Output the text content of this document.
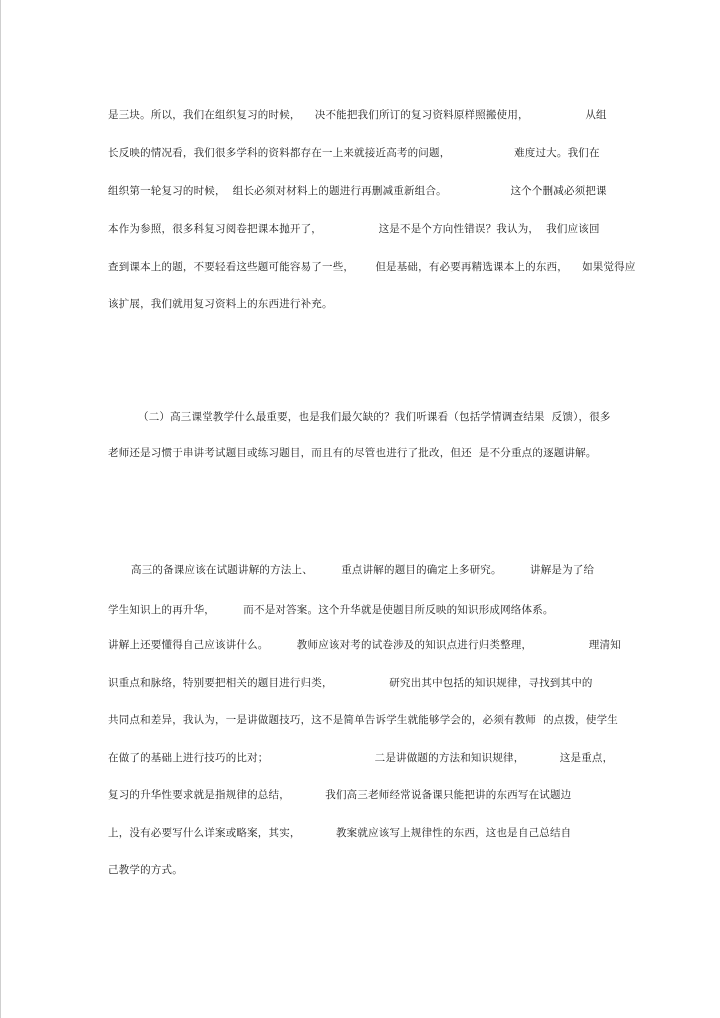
是三块。所以，我们在组织复习的时候，    决不能把我们所订的复习资料原样照搬使用，                从组
长反映的情况看，我们很多学科的资料都存在一上来就接近高考的问题，                  难度过大。我们在
组织第一轮复习的时候，  组长必须对材料上的题进行再删减重新组合。                  这个个删减必须把课
本作为参照，很多科复习阅卷把课本抛开了，                这是不是个方向性错误？我认为，  我们应该回
查到课本上的题，不要轻看这些题可能容易了一些，      但是基础，有必要再精选课本上的东西，    如果觉得应
该扩展，我们就用复习资料上的东西进行补充。
（二）高三课堂教学什么最重要，也是我们最欠缺的？我们听课看（包括学情调查结果  反馈），很多
老师还是习惯于串讲考试题目或练习题目，而且有的尽管也进行了批改，但还  是不分重点的逐题讲解。
高三的备课应该在试题讲解的方法上、        重点讲解的题目的确定上多研究。        讲解是为了给
学生知识上的再升华，        而不是对答案。这个升华就是使题目所反映的知识形成网络体系。
讲解上还要懂得自己应该讲什么。        教师应该对考的试卷涉及的知识点进行归类整理，                理清知
识重点和脉络，特别要把相关的题目进行归类，                研究出其中包括的知识规律，寻找到其中的
共同点和差异，我认为，一是讲做题技巧，这不是简单告诉学生就能够学会的，必须有教师  的点拨，使学生
在做了的基础上进行技巧的比对；                              二是讲做题的方法和知识规律，          这是重点，
复习的升华性要求就是指规律的总结，          我们高三老师经常说备课只能把讲的东西写在试题边
上，没有必要写什么详案或略案，其实，          教案就应该写上规律性的东西，这也是自己总结自
己教学的方式。
